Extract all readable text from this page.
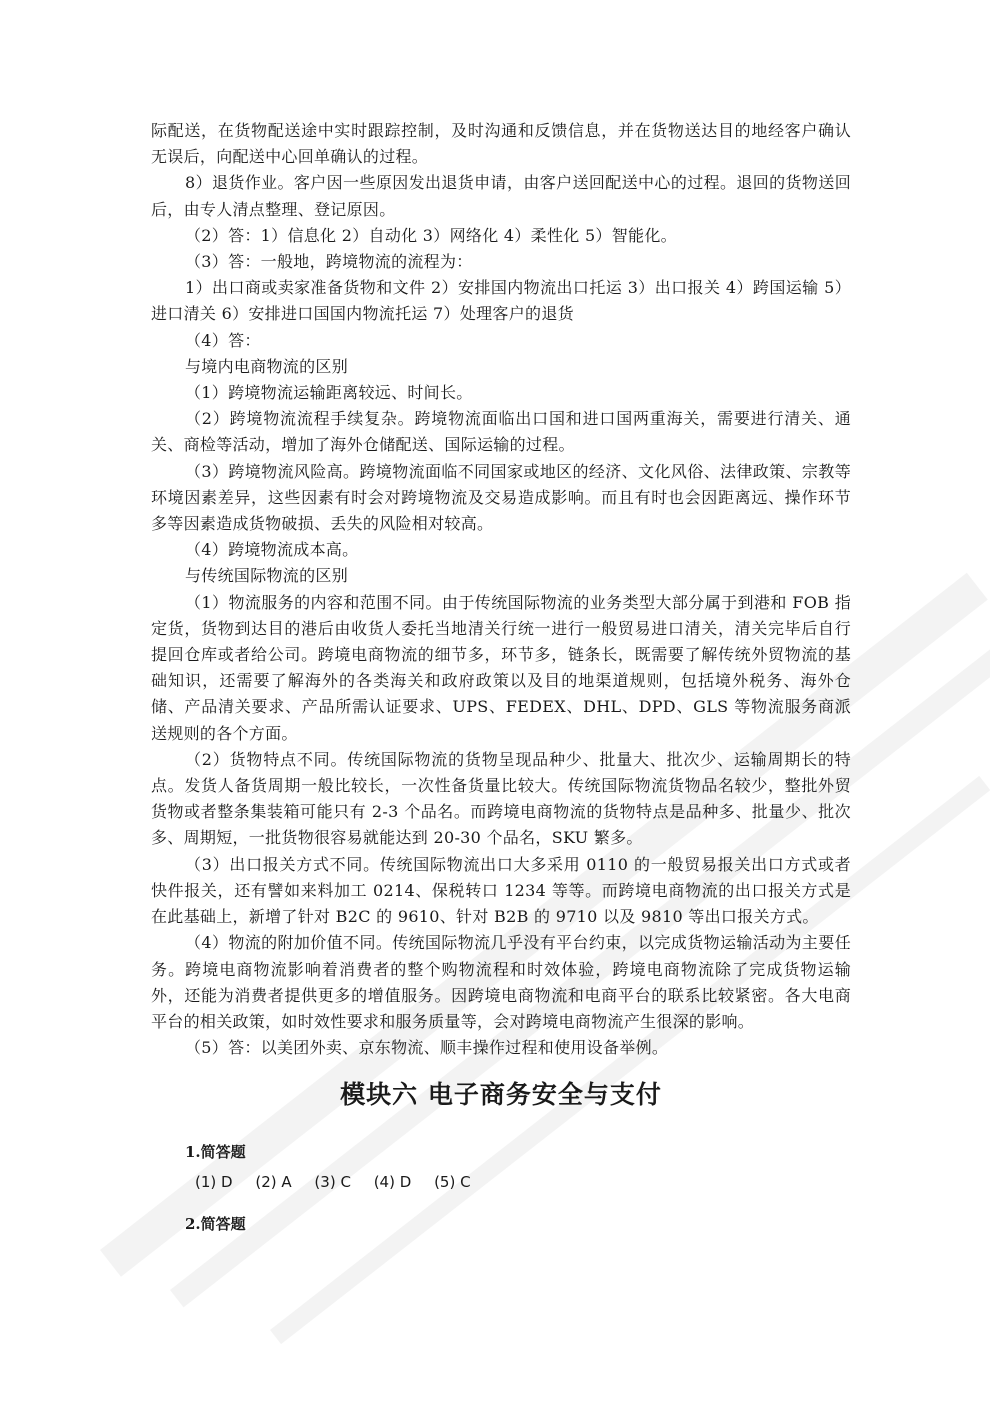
际配送，在货物配送途中实时跟踪控制，及时沟通和反馈信息，并在货物送达目的地经客户确认无误后，向配送中心回单确认的过程。

8）退货作业。客户因一些原因发出退货申请，由客户送回配送中心的过程。退回的货物送回后，由专人清点整理、登记原因。

（2）答：1）信息化 2）自动化 3）网络化 4）柔性化 5）智能化。

（3）答：一般地，跨境物流的流程为：

1）出口商或卖家准备货物和文件 2）安排国内物流出口托运 3）出口报关 4）跨国运输 5）进口清关 6）安排进口国国内物流托运 7）处理客户的退货

（4）答：

与境内电商物流的区别

（1）跨境物流运输距离较远、时间长。

（2）跨境物流流程手续复杂。跨境物流面临出口国和进口国两重海关，需要进行清关、通关、商检等活动，增加了海外仓储配送、国际运输的过程。

（3）跨境物流风险高。跨境物流面临不同国家或地区的经济、文化风俗、法律政策、宗教等环境因素差异，这些因素有时会对跨境物流及交易造成影响。而且有时也会因距离远、操作环节多等因素造成货物破损、丢失的风险相对较高。

（4）跨境物流成本高。

与传统国际物流的区别

（1）物流服务的内容和范围不同。由于传统国际物流的业务类型大部分属于到港和 FOB 指定货，货物到达目的港后由收货人委托当地清关行统一进行一般贸易进口清关，清关完毕后自行提回仓库或者给公司。跨境电商物流的细节多，环节多，链条长，既需要了解传统外贸物流的基础知识，还需要了解海外的各类海关和政府政策以及目的地渠道规则，包括境外税务、海外仓储、产品清关要求、产品所需认证要求、UPS、FEDEX、DHL、DPD、GLS 等物流服务商派送规则的各个方面。

（2）货物特点不同。传统国际物流的货物呈现品种少、批量大、批次少、运输周期长的特点。发货人备货周期一般比较长，一次性备货量比较大。传统国际物流货物品名较少，整批外贸货物或者整条集装箱可能只有 2-3 个品名。而跨境电商物流的货物特点是品种多、批量少、批次多、周期短，一批货物很容易就能达到 20-30 个品名，SKU 繁多。

（3）出口报关方式不同。传统国际物流出口大多采用 0110 的一般贸易报关出口方式或者快件报关，还有譬如来料加工 0214、保税转口 1234 等等。而跨境电商物流的出口报关方式是在此基础上，新增了针对 B2C 的 9610、针对 B2B 的 9710 以及 9810 等出口报关方式。

（4）物流的附加价值不同。传统国际物流几乎没有平台约束，以完成货物运输活动为主要任务。跨境电商物流影响着消费者的整个购物流程和时效体验，跨境电商物流除了完成货物运输外，还能为消费者提供更多的增值服务。因跨境电商物流和电商平台的联系比较紧密。各大电商平台的相关政策，如时效性要求和服务质量等，会对跨境电商物流产生很深的影响。

（5）答：以美团外卖、京东物流、顺丰操作过程和使用设备举例。

模块六 电子商务安全与支付

1.简答题

(1) D (2) A (3) C (4) D (5) C

2.简答题
